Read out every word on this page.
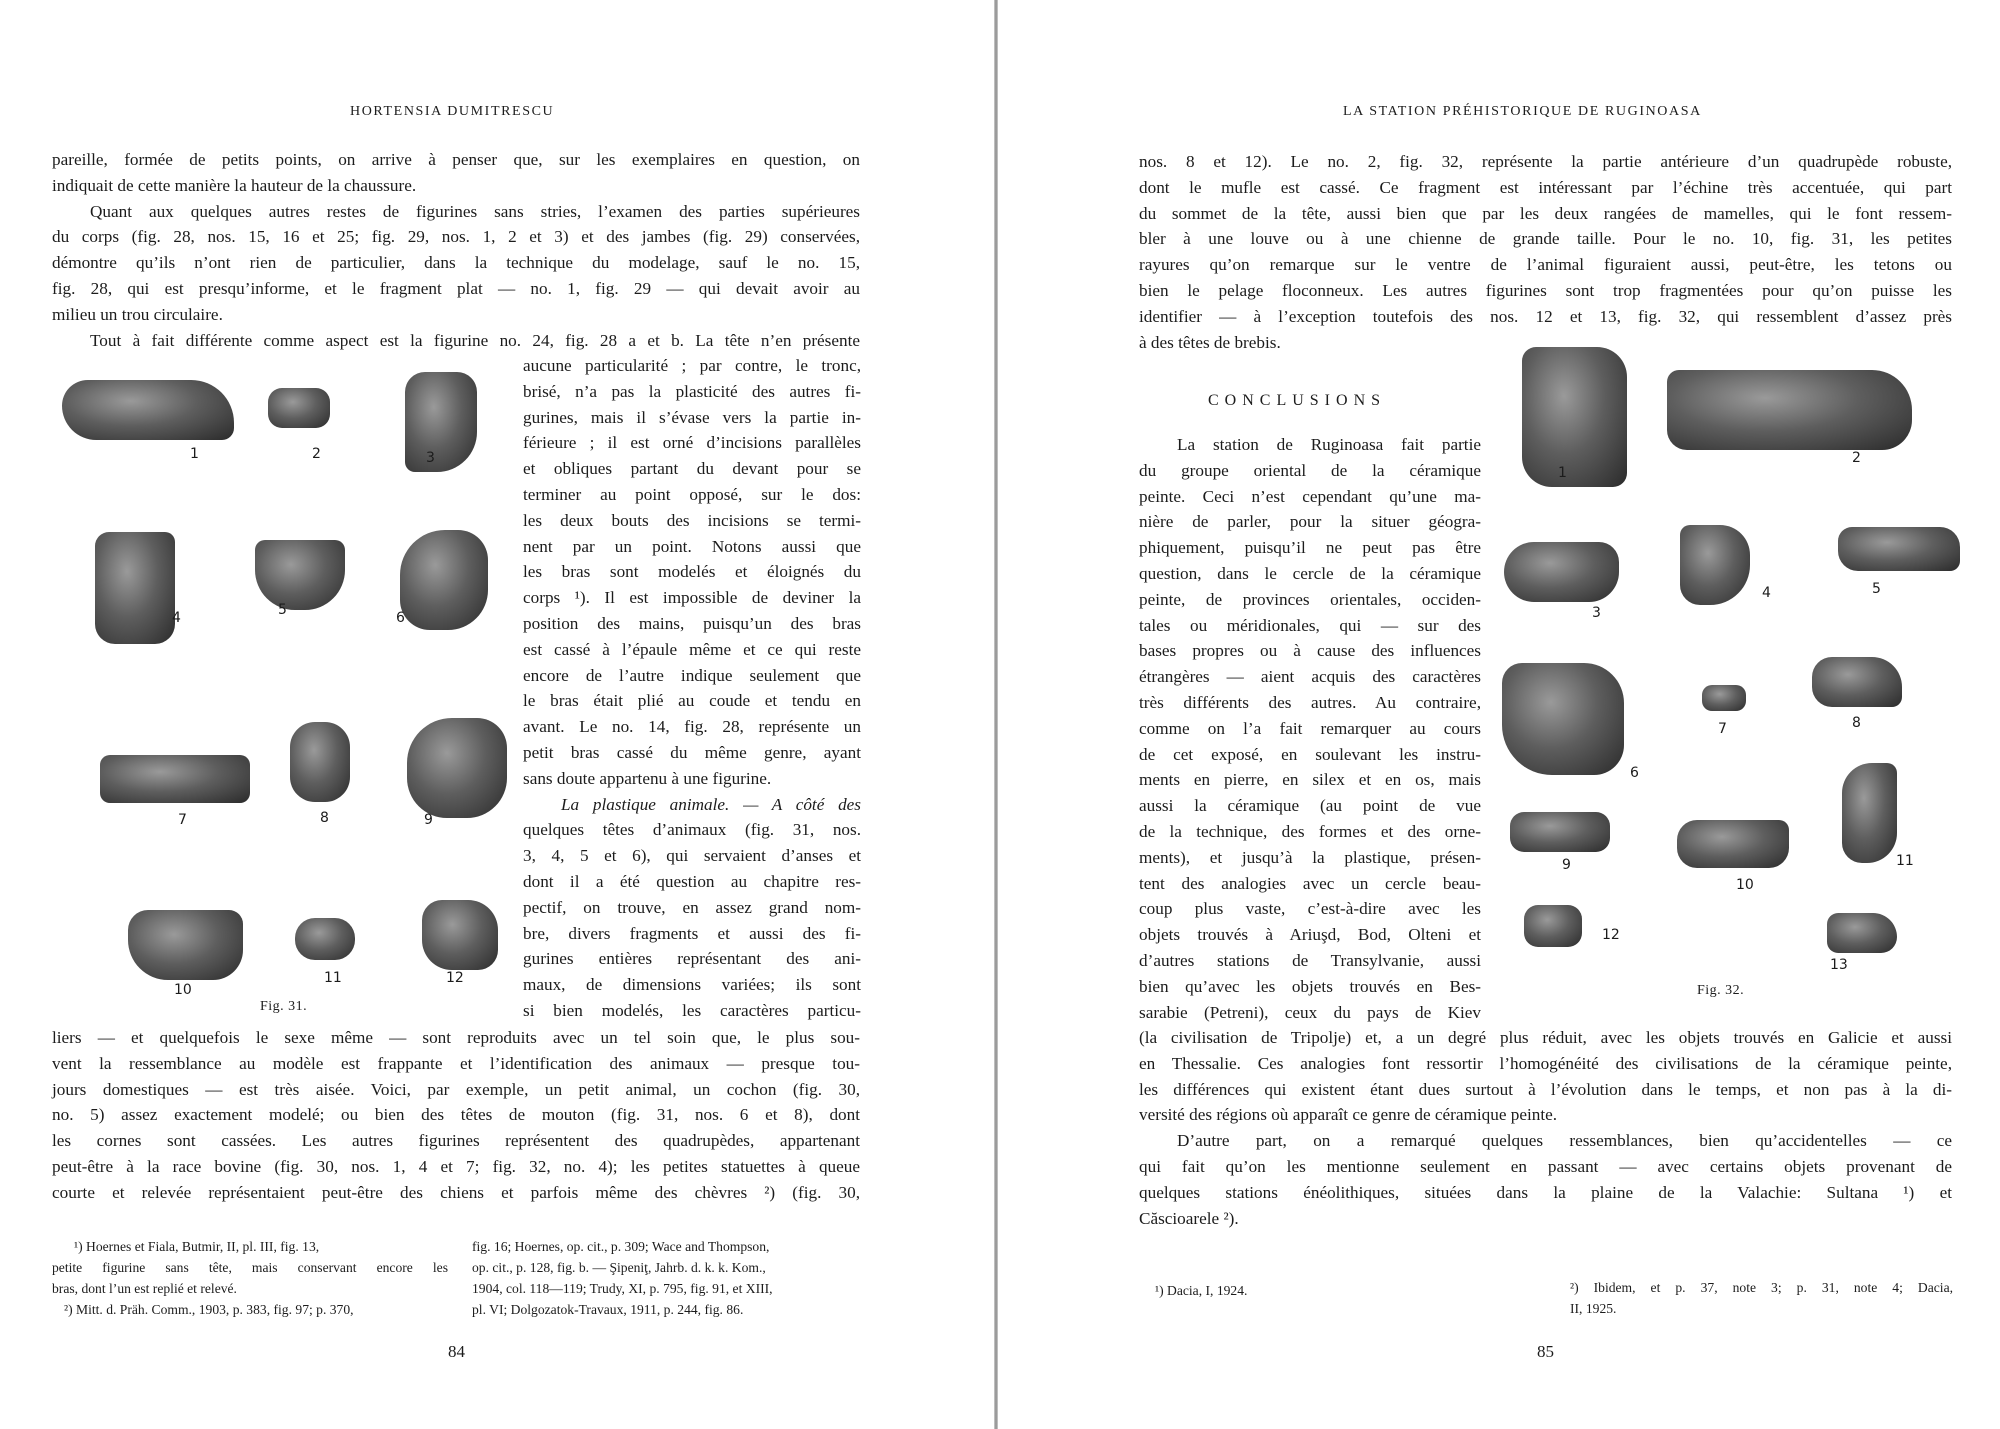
HORTENSIA DUMITRESCU

pareille, formée de petits points, on arrive à penser que, sur les exemplaires en question, on

indiquait de cette manière la hauteur de la chaussure.

Quant aux quelques autres restes de figurines sans stries, l’examen des parties supérieures

du corps (fig. 28, nos. 15, 16 et 25; fig. 29, nos. 1, 2 et 3) et des jambes (fig. 29) conservées,

démontre qu’ils n’ont rien de particulier, dans la technique du modelage, sauf le no. 15,

fig. 28, qui est presqu’informe, et le fragment plat — no. 1, fig. 29 — qui devait avoir au

milieu un trou circulaire.

Tout à fait différente comme aspect est la figurine no. 24, fig. 28 a et b. La tête n’en présente

1	2	3
4	5	6
7	8	9
10
11	12
Fig. 31.

aucune particularité ; par contre, le tronc,

brisé, n’a pas la plasticité des autres fi-

gurines, mais il s’évase vers la partie in-

férieure ; il est orné d’incisions parallèles

et obliques partant du devant pour se

terminer au point opposé, sur le dos:

les deux bouts des incisions se termi-

nent par un point. Notons aussi que

les bras sont modelés et éloignés du

corps ¹). Il est impossible de deviner la

position des mains, puisqu’un des bras

est cassé à l’épaule même et ce qui reste

encore de l’autre indique seulement que

le bras était plié au coude et tendu en

avant. Le no. 14, fig. 28, représente un

petit bras cassé du même genre, ayant

sans doute appartenu à une figurine.

La plastique animale. — A côté des

quelques têtes d’animaux (fig. 31, nos.

3, 4, 5 et 6), qui servaient d’anses et

dont il a été question au chapitre res-

pectif, on trouve, en assez grand nom-

bre, divers fragments et aussi des fi-

gurines entières représentant des ani-

maux, de dimensions variées; ils sont

si bien modelés, les caractères particu-

liers — et quelquefois le sexe même — sont reproduits avec un tel soin que, le plus sou-

vent la ressemblance au modèle est frappante et l’identification des animaux — presque tou-

jours domestiques — est très aisée. Voici, par exemple, un petit animal, un cochon (fig. 30,

no. 5) assez exactement modelé; ou bien des têtes de mouton (fig. 31, nos. 6 et 8), dont

les cornes sont cassées. Les autres figurines représentent des quadrupèdes, appartenant

peut-être à la race bovine (fig. 30, nos. 1, 4 et 7; fig. 32, no. 4); les petites statuettes à queue

courte et relevée représentaient peut-être des chiens et parfois même des chèvres ²) (fig. 30,

¹) Hoernes et Fiala, Butmir, II, pl. III, fig. 13,

petite figurine sans tête, mais conservant encore les

bras, dont l’un est replié et relevé.

²) Mitt. d. Präh. Comm., 1903, p. 383, fig. 97; p. 370,

fig. 16; Hoernes, op. cit., p. 309; Wace and Thompson,

op. cit., p. 128, fig. b. — Şipeniţ, Jahrb. d. k. k. Kom.,

1904, col. 118—119; Trudy, XI, p. 795, fig. 91, et XIII,

pl. VI; Dolgozatok-Travaux, 1911, p. 244, fig. 86.

84
LA STATION PRÉHISTORIQUE DE RUGINOASA

nos. 8 et 12). Le no. 2, fig. 32, représente la partie antérieure d’un quadrupède robuste,

dont le mufle est cassé. Ce fragment est intéressant par l’échine très accentuée, qui part

du sommet de la tête, aussi bien que par les deux rangées de mamelles, qui le font ressem-

bler à une louve ou à une chienne de grande taille. Pour le no. 10, fig. 31, les petites

rayures qu’on remarque sur le ventre de l’animal figuraient aussi, peut-être, les tetons ou

bien le pelage floconneux. Les autres figurines sont trop fragmentées pour qu’on puisse les

identifier — à l’exception toutefois des nos. 12 et 13, fig. 32, qui ressemblent d’assez près

à des têtes de brebis.

CONCLUSIONS

La station de Ruginoasa fait partie

du groupe oriental de la céramique

peinte. Ceci n’est cependant qu’une ma-

nière de parler, pour la situer géogra-

phiquement, puisqu’il ne peut pas être

question, dans le cercle de la céramique

peinte, de provinces orientales, occiden-

tales ou méridionales, qui — sur des

bases propres ou à cause des influences

étrangères — aient acquis des caractères

très différents des autres. Au contraire,

comme on l’a fait remarquer au cours

de cet exposé, en soulevant les instru-

ments en pierre, en silex et en os, mais

aussi la céramique (au point de vue

de la technique, des formes et des orne-

ments), et jusqu’à la plastique, présen-

tent des analogies avec un cercle beau-

coup plus vaste, c’est-à-dire avec les

objets trouvés à Ariuşd, Bod, Olteni et

d’autres stations de Transylvanie, aussi

bien qu’avec les objets trouvés en Bes-

sarabie (Petreni), ceux du pays de Kiev

1
2
3
4	5
6
7	8
9
10
11
12
13
Fig. 32.

(la civilisation de Tripolje) et, a un degré plus réduit, avec les objets trouvés en Galicie et aussi

en Thessalie. Ces analogies font ressortir l’homogénéité des civilisations de la céramique peinte,

les différences qui existent étant dues surtout à l’évolution dans le temps, et non pas à la di-

versité des régions où apparaît ce genre de céramique peinte.

D’autre part, on a remarqué quelques ressemblances, bien qu’accidentelles — ce

qui fait qu’on les mentionne seulement en passant — avec certains objets provenant de

quelques stations énéolithiques, situées dans la plaine de la Valachie: Sultana ¹) et

Căscioarele ²).

¹) Dacia, I, 1924.	²) Ibidem, et p. 37, note 3; p. 31, note 4; Dacia,

II, 1925.

85
